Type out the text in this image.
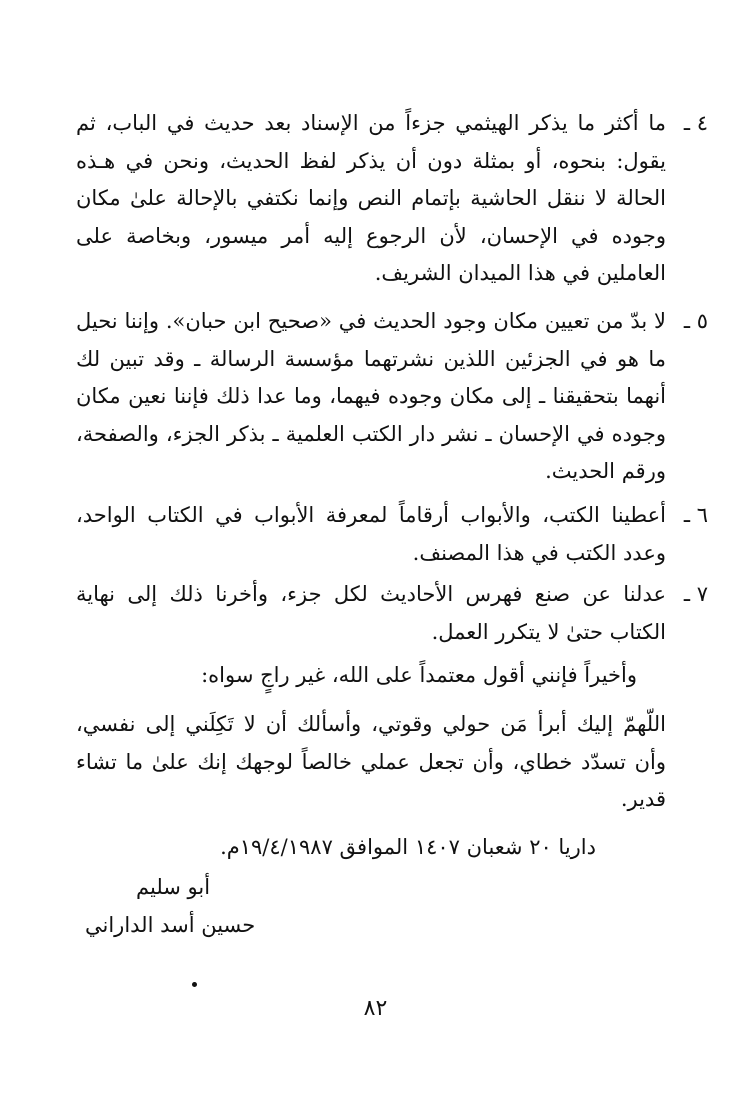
٤ ـ
ما أكثر ما يذكر الهيثمي جزءاً من الإسناد بعد حديث في الباب، ثم يقول: بنحوه، أو بمثلة دون أن يذكر لفظ الحديث، ونحن في هـذه الحالة لا ننقل الحاشية بإتمام النص وإنما نكتفي بالإحالة علىٰ مكان وجوده في الإحسان، لأن الرجوع إليه أمر ميسور، وبخاصة على العاملين في هذا الميدان الشريف.
٥ ـ
لا بدّ من تعيين مكان وجود الحديث في «صحيح ابن حبان». وإننا نحيل ما هو في الجزئين اللذين نشرتهما مؤسسة الرسالة ـ وقد تبين لك أنهما بتحقيقنا ـ إلى مكان وجوده فيهما، وما عدا ذلك فإننا نعين مكان وجوده في الإحسان ـ نشر دار الكتب العلمية ـ بذكر الجزء، والصفحة، ورقم الحديث.
٦ ـ
أعطينا الكتب، والأبواب أرقاماً لمعرفة الأبواب في الكتاب الواحد، وعدد الكتب في هذا المصنف.
٧ ـ
عدلنا عن صنع فهرس الأحاديث لكل جزء، وأخرنا ذلك إلى نهاية الكتاب حتىٰ لا يتكرر العمل.
وأخيراً فإنني أقول معتمداً على الله، غير راجٍ سواه:
اللّهمّ إليك أبرأ مَن حولي وقوتي، وأسألك أن لا تَكِلَني إلى نفسي، وأن تسدّد خطاي، وأن تجعل عملي خالصاً لوجهك إنك علىٰ ما تشاء قدير.
داريا ٢٠ شعبان ١٤٠٧ الموافق ١٩/٤/١٩٨٧م.
أبو سليم
حسين أسد الداراني
٨٢
